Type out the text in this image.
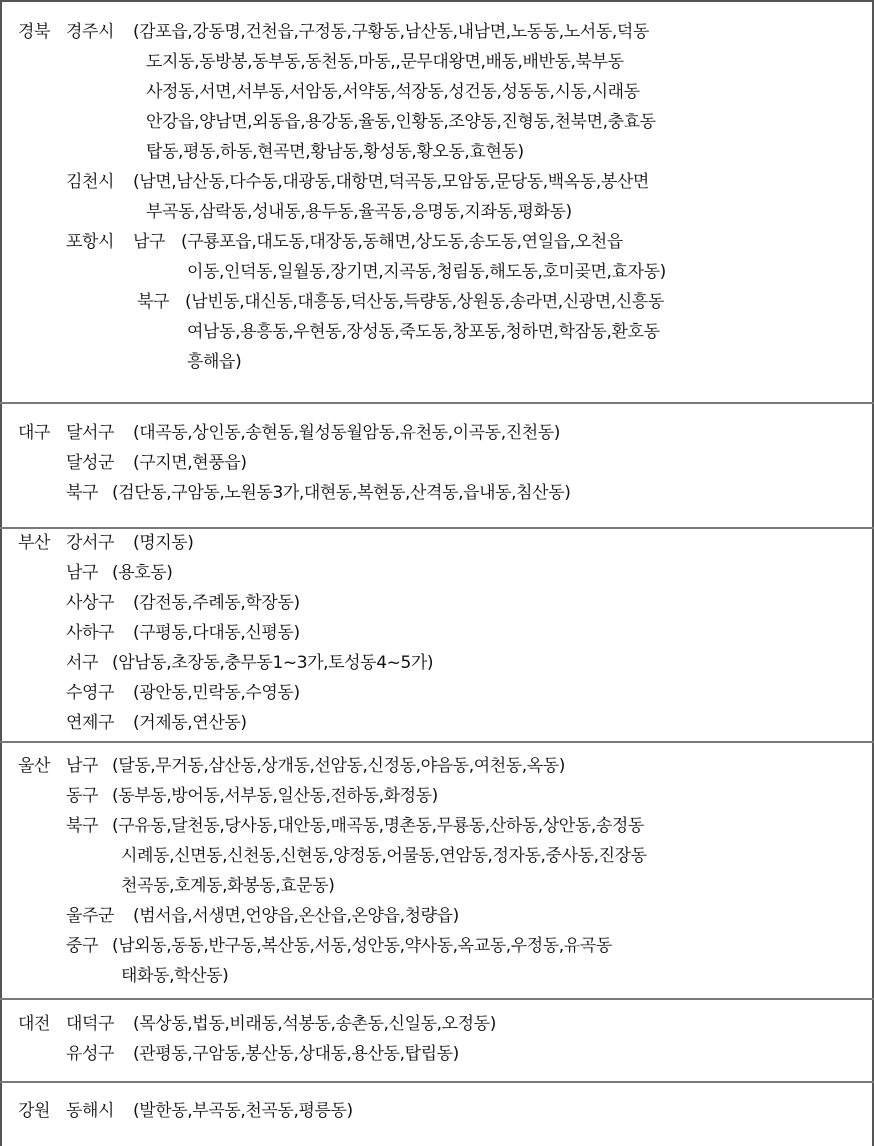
경북 경주시 (감포읍,강동명,건천읍,구정동,구황동,남산동,내남면,노동동,노서동,덕동
도지동,동방봉,동부동,동천동,마동,,문무대왕면,배동,배반동,북부동
사정동,서면,서부동,서암동,서약동,석장동,성건동,성동동,시동,시래동
안강읍,양남면,외동읍,용강동,율동,인황동,조양동,진형동,천북면,충효동
탑동,평동,하동,현곡면,황남동,황성동,황오동,효현동)
김천시 (남면,남산동,다수동,대광동,대항면,덕곡동,모암동,문당동,백옥동,봉산면
부곡동,삼락동,성내동,용두동,율곡동,응명동,지좌동,평화동)
포항시 남구 (구룡포읍,대도동,대장동,동해면,상도동,송도동,연일읍,오천읍
이동,인덕동,일월동,장기면,지곡동,청림동,해도동,호미곶면,효자동)
북구 (남빈동,대신동,대흥동,덕산동,득량동,상원동,송라면,신광면,신흥동
여남동,용흥동,우현동,장성동,죽도동,창포동,청하면,학잠동,환호동
흥해읍)
대구 달서구 (대곡동,상인동,송현동,월성동월암동,유천동,이곡동,진천동)
달성군 (구지면,현풍읍)
북구 (검단동,구암동,노원동3가,대현동,복현동,산격동,읍내동,침산동)
부산 강서구 (명지동)
남구 (용호동)
사상구 (감전동,주례동,학장동)
사하구 (구평동,다대동,신평동)
서구 (암남동,초장동,충무동1~3가,토성동4~5가)
수영구 (광안동,민락동,수영동)
연제구 (거제동,연산동)
울산 남구 (달동,무거동,삼산동,상개동,선암동,신정동,야음동,여천동,옥동)
동구 (동부동,방어동,서부동,일산동,전하동,화정동)
북구 (구유동,달천동,당사동,대안동,매곡동,명촌동,무룡동,산하동,상안동,송정동
시례동,신면동,신천동,신현동,양정동,어물동,연암동,정자동,중사동,진장동
천곡동,호계동,화봉동,효문동)
울주군 (범서읍,서생면,언양읍,온산읍,온양읍,청량읍)
중구 (남외동,동동,반구동,복산동,서동,성안동,약사동,옥교동,우정동,유곡동
태화동,학산동)
대전 대덕구 (목상동,법동,비래동,석봉동,송촌동,신일동,오정동)
유성구 (관평동,구암동,봉산동,상대동,용산동,탑립동)
강원 동해시 (발한동,부곡동,천곡동,평릉동)
